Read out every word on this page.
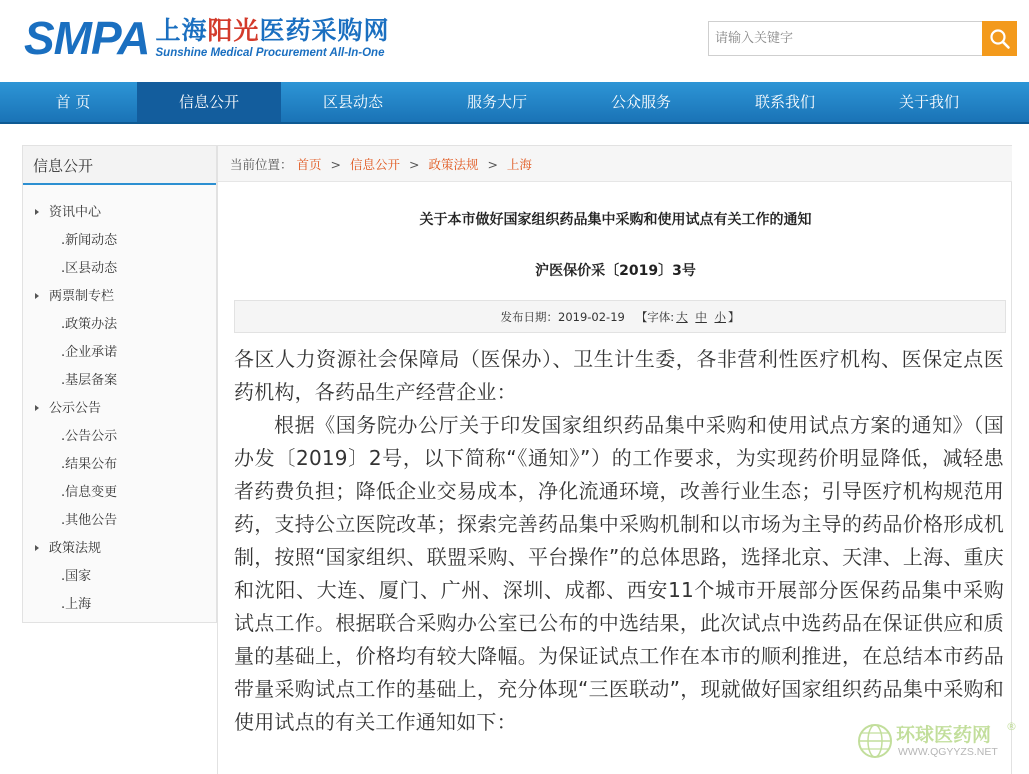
SMPA 上海阳光医药采购网
Sunshine Medical Procurement All-In-One
请输入关键字
首 页	信息公开	区县动态	服务大厅	公众服务	联系我们	关于我们
信息公开
资讯中心
.新闻动态
.区县动态
两票制专栏
.政策办法
.企业承诺
.基层备案
公示公告
.公告公示
.结果公布
.信息变更
.其他公告
政策法规
.国家
.上海
当前位置： 首页 > 信息公开 > 政策法规 > 上海
关于本市做好国家组织药品集中采购和使用试点有关工作的通知
沪医保价采〔2019〕3号
发布日期：2019-02-19 【字体: 大 中 小 】

各区人力资源社会保障局（医保办）、卫生计生委，各非营利性医疗机构、医保定点医药机构，各药品生产经营企业：

根据《国务院办公厅关于印发国家组织药品集中采购和使用试点方案的通知》（国办发〔2019〕2号，以下简称“《通知》”）的工作要求，为实现药价明显降低，减轻患者药费负担；降低企业交易成本，净化流通环境，改善行业生态；引导医疗机构规范用药，支持公立医院改革；探索完善药品集中采购机制和以市场为主导的药品价格形成机制，按照“国家组织、联盟采购、平台操作”的总体思路，选择北京、天津、上海、重庆和沈阳、大连、厦门、广州、深圳、成都、西安11个城市开展部分医保药品集中采购试点工作。根据联合采购办公室已公布的中选结果，此次试点中选药品在保证供应和质量的基础上，价格均有较大降幅。为保证试点工作在本市的顺利推进，在总结本市药品带量采购试点工作的基础上，充分体现“三医联动”，现就做好国家组织药品集中采购和使用试点的有关工作通知如下：

环球医药网 ®
WWW.QGYYZS.NET
